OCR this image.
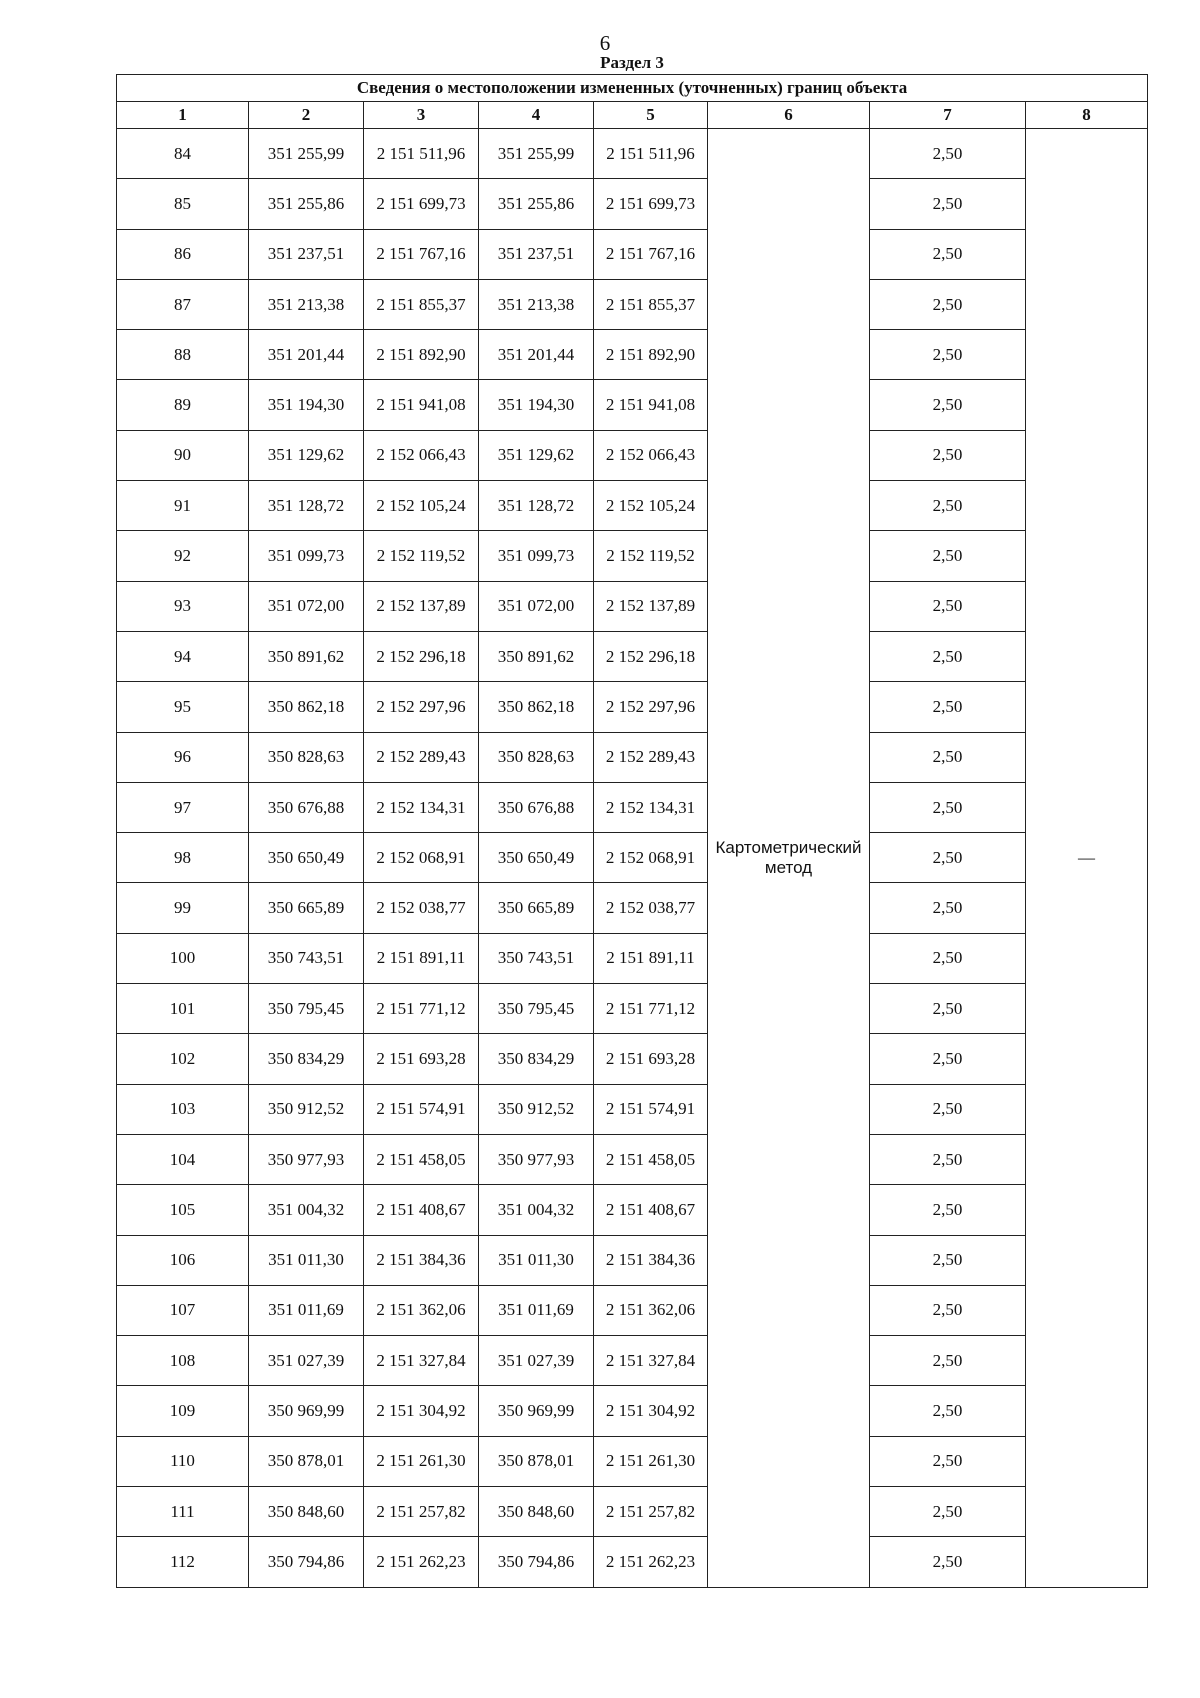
6
Раздел 3
Сведения о местоположении измененных (уточненных) границ объекта							
1	2	3	4	5	6	7	8
84	351 255,99	2 151 511,96	351 255,99	2 151 511,96	Картометрический метод	2,50	—
85	351 255,86	2 151 699,73	351 255,86	2 151 699,73		2,50	
86	351 237,51	2 151 767,16	351 237,51	2 151 767,16		2,50	
87	351 213,38	2 151 855,37	351 213,38	2 151 855,37		2,50	
88	351 201,44	2 151 892,90	351 201,44	2 151 892,90		2,50	
89	351 194,30	2 151 941,08	351 194,30	2 151 941,08		2,50	
90	351 129,62	2 152 066,43	351 129,62	2 152 066,43		2,50	
91	351 128,72	2 152 105,24	351 128,72	2 152 105,24		2,50	
92	351 099,73	2 152 119,52	351 099,73	2 152 119,52		2,50	
93	351 072,00	2 152 137,89	351 072,00	2 152 137,89		2,50	
94	350 891,62	2 152 296,18	350 891,62	2 152 296,18		2,50	
95	350 862,18	2 152 297,96	350 862,18	2 152 297,96		2,50	
96	350 828,63	2 152 289,43	350 828,63	2 152 289,43		2,50	
97	350 676,88	2 152 134,31	350 676,88	2 152 134,31		2,50	
98	350 650,49	2 152 068,91	350 650,49	2 152 068,91		2,50	
99	350 665,89	2 152 038,77	350 665,89	2 152 038,77		2,50	
100	350 743,51	2 151 891,11	350 743,51	2 151 891,11		2,50	
101	350 795,45	2 151 771,12	350 795,45	2 151 771,12		2,50	
102	350 834,29	2 151 693,28	350 834,29	2 151 693,28		2,50	
103	350 912,52	2 151 574,91	350 912,52	2 151 574,91		2,50	
104	350 977,93	2 151 458,05	350 977,93	2 151 458,05		2,50	
105	351 004,32	2 151 408,67	351 004,32	2 151 408,67		2,50	
106	351 011,30	2 151 384,36	351 011,30	2 151 384,36		2,50	
107	351 011,69	2 151 362,06	351 011,69	2 151 362,06		2,50	
108	351 027,39	2 151 327,84	351 027,39	2 151 327,84		2,50	
109	350 969,99	2 151 304,92	350 969,99	2 151 304,92		2,50	
110	350 878,01	2 151 261,30	350 878,01	2 151 261,30		2,50	
111	350 848,60	2 151 257,82	350 848,60	2 151 257,82		2,50	
112	350 794,86	2 151 262,23	350 794,86	2 151 262,23		2,50	
